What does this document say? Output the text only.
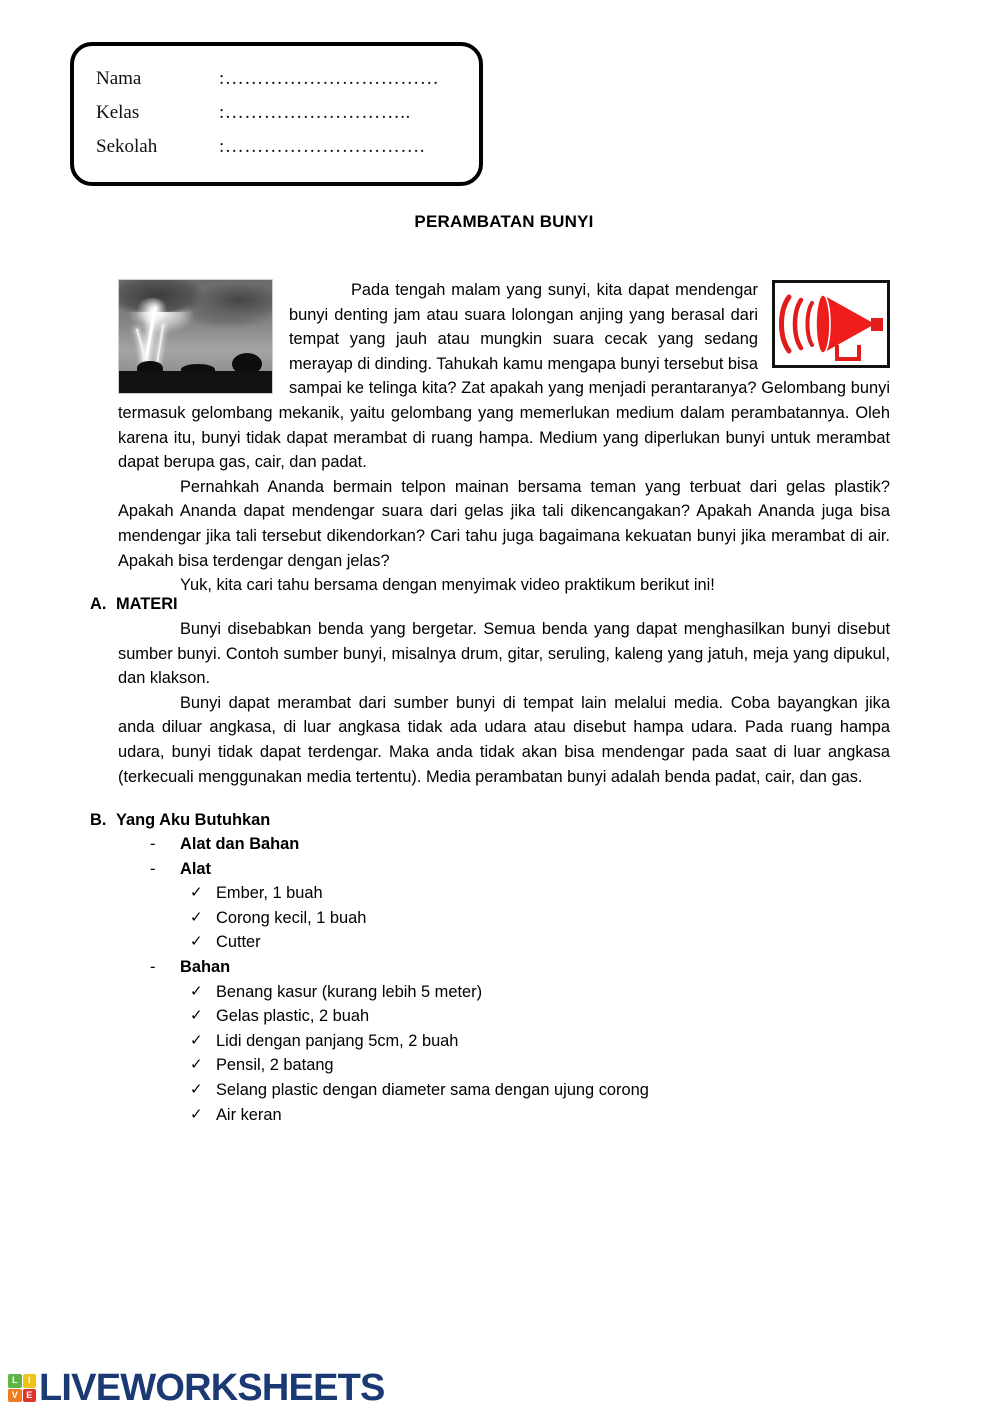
Nama	:……………………………
Kelas	:………………………..
Sekolah	:………………………….
PERAMBATAN BUNYI

Pada tengah malam yang sunyi, kita dapat mendengar bunyi denting jam atau suara lolongan anjing yang berasal dari tempat yang jauh atau mungkin suara cecak yang sedang merayap di dinding. Tahukah kamu mengapa bunyi tersebut bisa sampai ke telinga kita? Zat apakah yang menjadi perantaranya? Gelombang bunyi termasuk gelombang mekanik, yaitu gelombang yang memerlukan medium dalam perambatannya. Oleh karena itu, bunyi tidak dapat merambat di ruang hampa. Medium yang diperlukan bunyi untuk merambat dapat berupa gas, cair, dan padat.

Pernahkah Ananda bermain telpon mainan bersama teman yang terbuat dari gelas plastik? Apakah Ananda dapat mendengar suara dari gelas jika tali dikencangakan? Apakah Ananda juga bisa mendengar jika tali tersebut dikendorkan? Cari tahu juga bagaimana kekuatan bunyi jika merambat di air. Apakah bisa terdengar dengan jelas?

Yuk, kita cari tahu bersama dengan menyimak video praktikum berikut ini!

A. MATERI

Bunyi disebabkan benda yang bergetar. Semua benda yang dapat menghasilkan bunyi disebut sumber bunyi. Contoh sumber bunyi, misalnya drum, gitar, seruling, kaleng yang jatuh, meja yang dipukul, dan klakson.

Bunyi dapat merambat dari sumber bunyi di tempat lain melalui media. Coba bayangkan jika anda diluar angkasa, di luar angkasa tidak ada udara atau disebut hampa udara. Pada ruang hampa udara, bunyi tidak dapat terdengar. Maka anda tidak akan bisa mendengar pada saat di luar angkasa (terkecuali menggunakan media tertentu). Media perambatan bunyi adalah benda padat, cair, dan gas.

B. Yang Aku Butuhkan
-	Alat dan Bahan
-	Alat
✓ Ember, 1 buah
✓ Corong kecil, 1 buah
✓ Cutter
-	Bahan
✓ Benang kasur (kurang lebih 5 meter)
✓ Gelas plastic, 2 buah
✓ Lidi dengan panjang 5cm, 2 buah
✓ Pensil, 2 batang
✓ Selang plastic dengan diameter sama dengan ujung corong
✓ Air keran
L	I
V E LIVEWORKSHEETS
